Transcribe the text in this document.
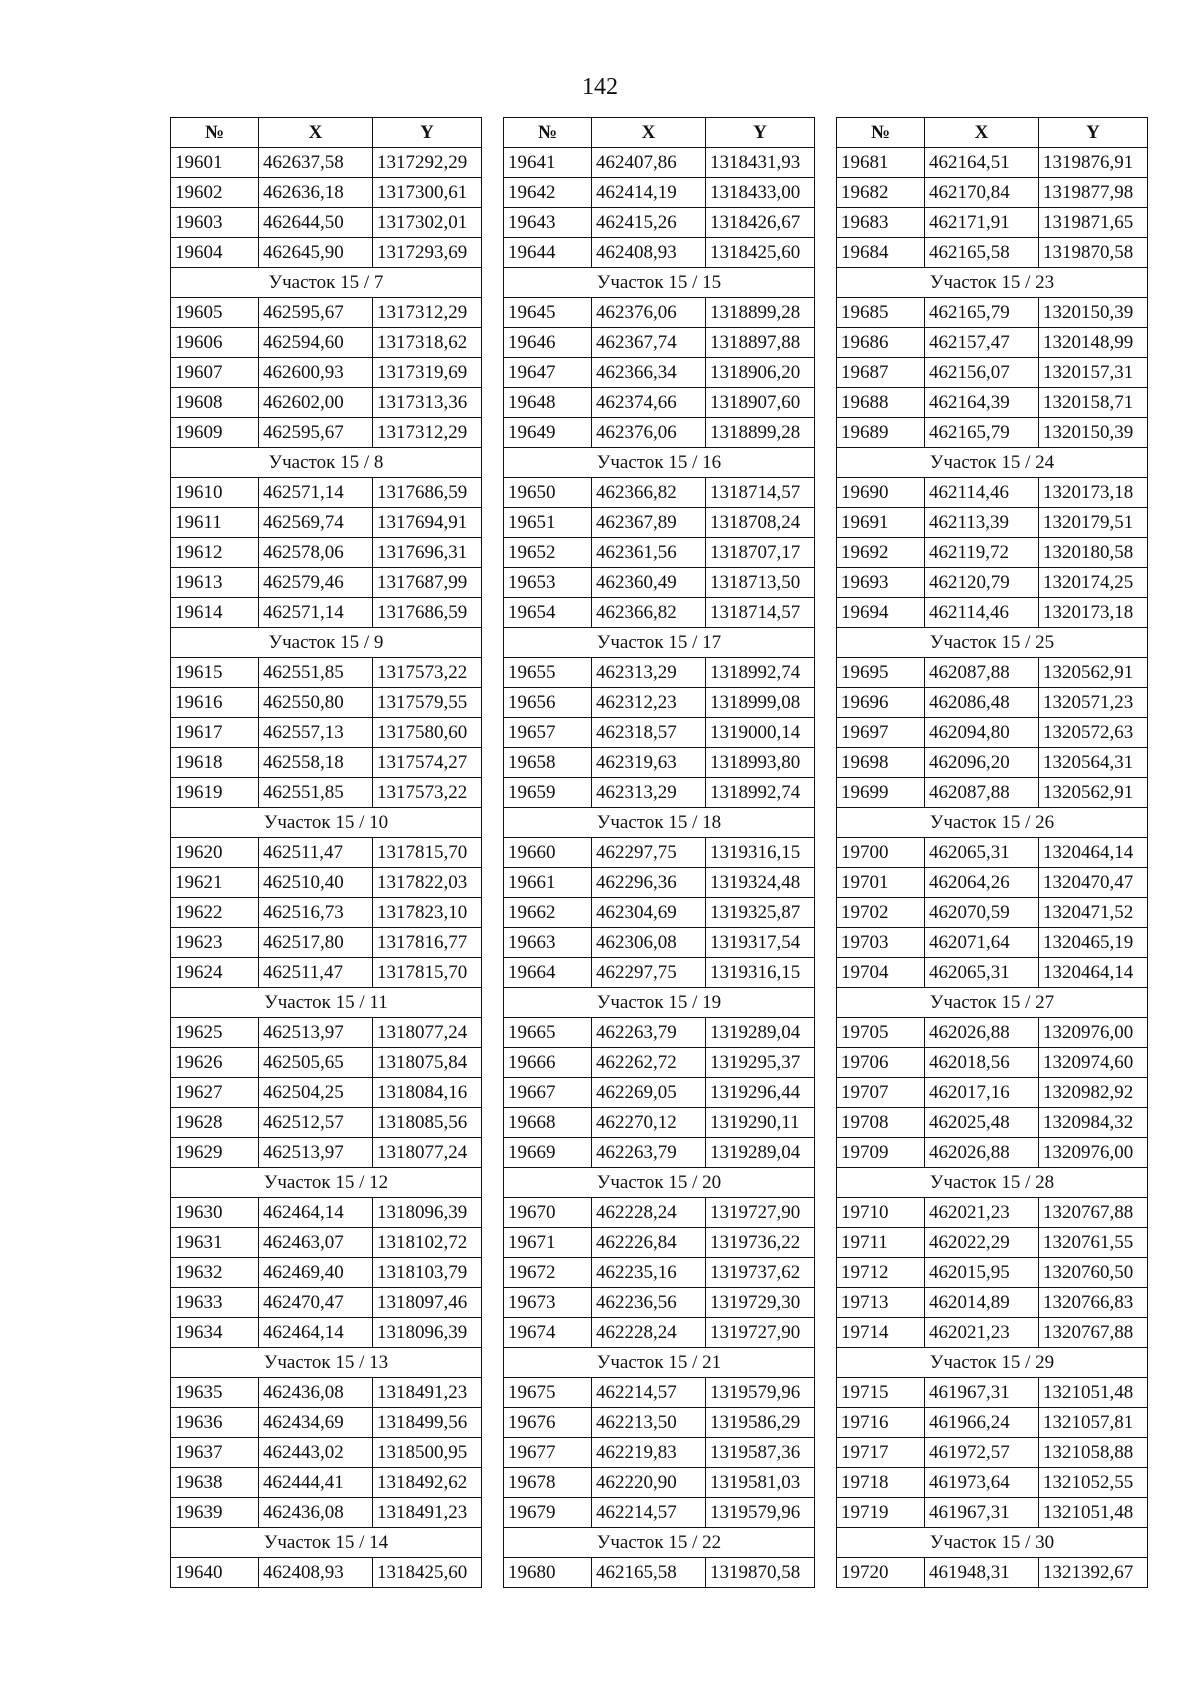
142
№	X	Y
19601	462637,58	1317292,29
19602	462636,18	1317300,61
19603	462644,50	1317302,01
19604	462645,90	1317293,69
Участок 15 / 7		
19605	462595,67	1317312,29
19606	462594,60	1317318,62
19607	462600,93	1317319,69
19608	462602,00	1317313,36
19609	462595,67	1317312,29
Участок 15 / 8		
19610	462571,14	1317686,59
19611	462569,74	1317694,91
19612	462578,06	1317696,31
19613	462579,46	1317687,99
19614	462571,14	1317686,59
Участок 15 / 9		
19615	462551,85	1317573,22
19616	462550,80	1317579,55
19617	462557,13	1317580,60
19618	462558,18	1317574,27
19619	462551,85	1317573,22
Участок 15 / 10		
19620	462511,47	1317815,70
19621	462510,40	1317822,03
19622	462516,73	1317823,10
19623	462517,80	1317816,77
19624	462511,47	1317815,70
Участок 15 / 11		
19625	462513,97	1318077,24
19626	462505,65	1318075,84
19627	462504,25	1318084,16
19628	462512,57	1318085,56
19629	462513,97	1318077,24
Участок 15 / 12		
19630	462464,14	1318096,39
19631	462463,07	1318102,72
19632	462469,40	1318103,79
19633	462470,47	1318097,46
19634	462464,14	1318096,39
Участок 15 / 13		
19635	462436,08	1318491,23
19636	462434,69	1318499,56
19637	462443,02	1318500,95
19638	462444,41	1318492,62
19639	462436,08	1318491,23
Участок 15 / 14		
19640	462408,93	1318425,60
№	X	Y
19641	462407,86	1318431,93
19642	462414,19	1318433,00
19643	462415,26	1318426,67
19644	462408,93	1318425,60
Участок 15 / 15		
19645	462376,06	1318899,28
19646	462367,74	1318897,88
19647	462366,34	1318906,20
19648	462374,66	1318907,60
19649	462376,06	1318899,28
Участок 15 / 16		
19650	462366,82	1318714,57
19651	462367,89	1318708,24
19652	462361,56	1318707,17
19653	462360,49	1318713,50
19654	462366,82	1318714,57
Участок 15 / 17		
19655	462313,29	1318992,74
19656	462312,23	1318999,08
19657	462318,57	1319000,14
19658	462319,63	1318993,80
19659	462313,29	1318992,74
Участок 15 / 18		
19660	462297,75	1319316,15
19661	462296,36	1319324,48
19662	462304,69	1319325,87
19663	462306,08	1319317,54
19664	462297,75	1319316,15
Участок 15 / 19		
19665	462263,79	1319289,04
19666	462262,72	1319295,37
19667	462269,05	1319296,44
19668	462270,12	1319290,11
19669	462263,79	1319289,04
Участок 15 / 20		
19670	462228,24	1319727,90
19671	462226,84	1319736,22
19672	462235,16	1319737,62
19673	462236,56	1319729,30
19674	462228,24	1319727,90
Участок 15 / 21		
19675	462214,57	1319579,96
19676	462213,50	1319586,29
19677	462219,83	1319587,36
19678	462220,90	1319581,03
19679	462214,57	1319579,96
Участок 15 / 22		
19680	462165,58	1319870,58
№	X	Y
19681	462164,51	1319876,91
19682	462170,84	1319877,98
19683	462171,91	1319871,65
19684	462165,58	1319870,58
Участок 15 / 23		
19685	462165,79	1320150,39
19686	462157,47	1320148,99
19687	462156,07	1320157,31
19688	462164,39	1320158,71
19689	462165,79	1320150,39
Участок 15 / 24		
19690	462114,46	1320173,18
19691	462113,39	1320179,51
19692	462119,72	1320180,58
19693	462120,79	1320174,25
19694	462114,46	1320173,18
Участок 15 / 25		
19695	462087,88	1320562,91
19696	462086,48	1320571,23
19697	462094,80	1320572,63
19698	462096,20	1320564,31
19699	462087,88	1320562,91
Участок 15 / 26		
19700	462065,31	1320464,14
19701	462064,26	1320470,47
19702	462070,59	1320471,52
19703	462071,64	1320465,19
19704	462065,31	1320464,14
Участок 15 / 27		
19705	462026,88	1320976,00
19706	462018,56	1320974,60
19707	462017,16	1320982,92
19708	462025,48	1320984,32
19709	462026,88	1320976,00
Участок 15 / 28		
19710	462021,23	1320767,88
19711	462022,29	1320761,55
19712	462015,95	1320760,50
19713	462014,89	1320766,83
19714	462021,23	1320767,88
Участок 15 / 29		
19715	461967,31	1321051,48
19716	461966,24	1321057,81
19717	461972,57	1321058,88
19718	461973,64	1321052,55
19719	461967,31	1321051,48
Участок 15 / 30		
19720	461948,31	1321392,67
